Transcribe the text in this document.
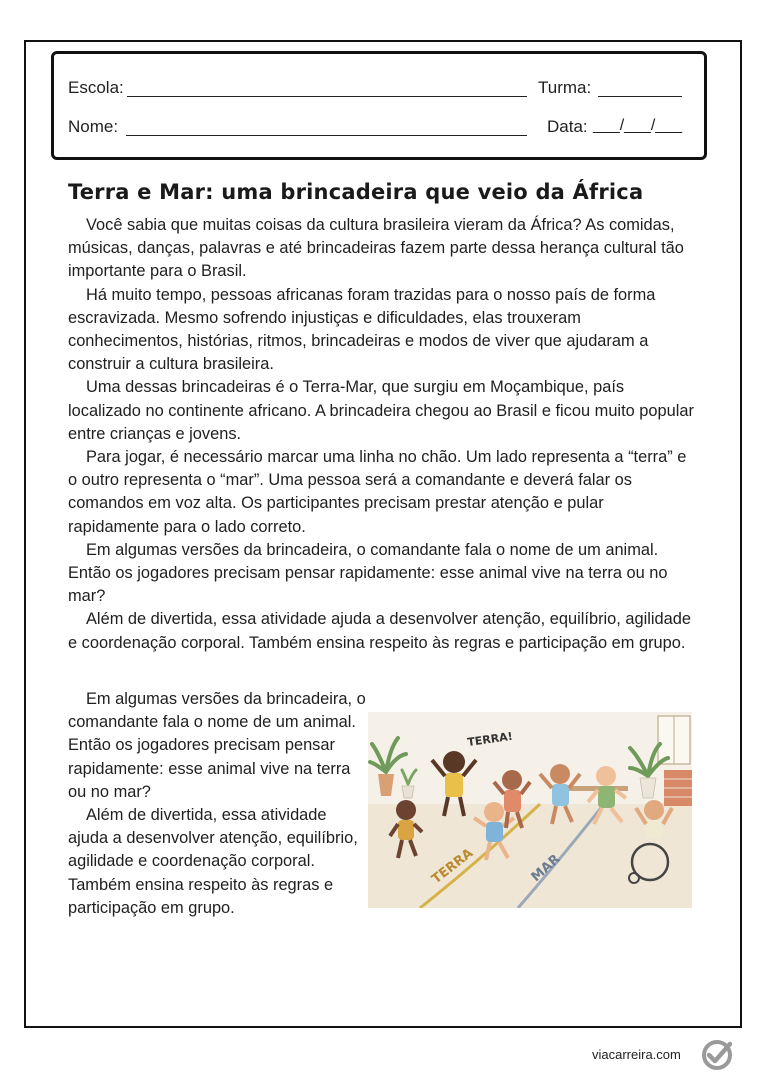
Escola:	Turma:
Nome:	Data: ___/___/___
Terra e Mar: uma brincadeira que veio da África

Você sabia que muitas coisas da cultura brasileira vieram da África? As comidas, músicas, danças, palavras e até brincadeiras fazem parte dessa herança cultural tão importante para o Brasil.

Há muito tempo, pessoas africanas foram trazidas para o nosso país de forma escravizada. Mesmo sofrendo injustiças e dificuldades, elas trouxeram conhecimentos, histórias, ritmos, brincadeiras e modos de viver que ajudaram a construir a cultura brasileira.

Uma dessas brincadeiras é o Terra-Mar, que surgiu em Moçambique, país localizado no continente africano. A brincadeira chegou ao Brasil e ficou muito popular entre crianças e jovens.

Para jogar, é necessário marcar uma linha no chão. Um lado representa a “terra” e o outro representa o “mar”. Uma pessoa será a comandante e deverá falar os comandos em voz alta. Os participantes precisam prestar atenção e pular rapidamente para o lado correto.

Em algumas versões da brincadeira, o comandante fala o nome de um animal. Então os jogadores precisam pensar rapidamente: esse animal vive na terra ou no mar?

Além de divertida, essa atividade ajuda a desenvolver atenção, equilíbrio, agilidade e coordenação corporal. Também ensina respeito às regras e participação em grupo.

Em algumas versões da brincadeira, o comandante fala o nome de um animal. Então os jogadores precisam pensar rapidamente: esse animal vive na terra ou no mar?

Além de divertida, essa atividade ajuda a desenvolver atenção, equilíbrio, agilidade e coordenação corporal. Também ensina respeito às regras e participação em grupo.

TERRA	MAR
TERRA!
viacarreira.com
